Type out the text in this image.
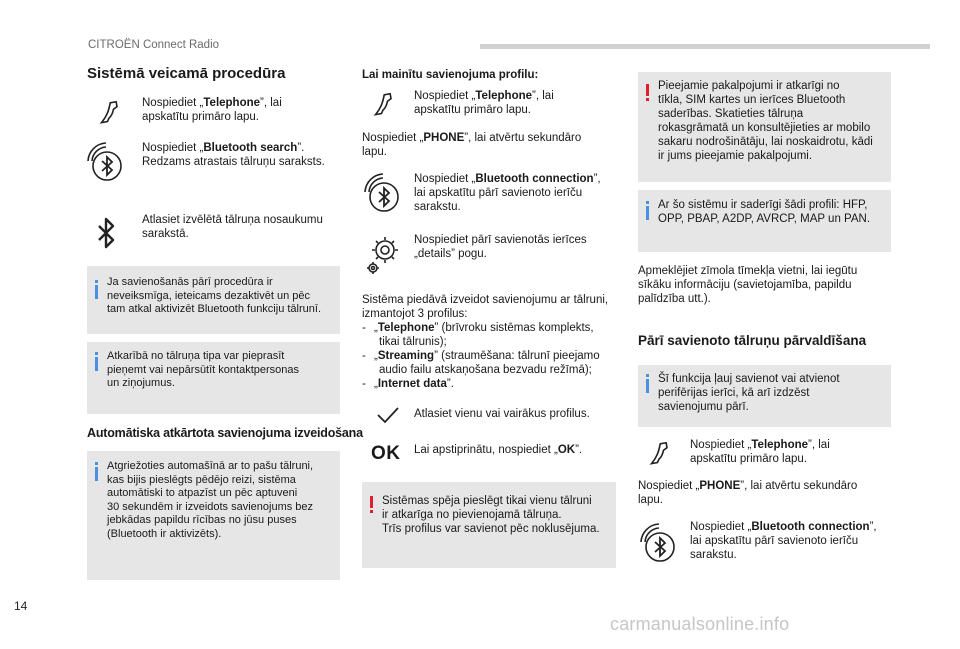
CITROËN Connect Radio
Sistēmā veicamā procedūra
Nospiediet „Telephone”, lai
apskatītu primāro lapu.
Nospiediet „Bluetooth search”.
Redzams atrastais tālruņu saraksts.
Atlasiet izvēlētā tālruņa nosaukumu
sarakstā.
Ja savienošanās pārī procedūra ir
neveiksmīga, ieteicams dezaktivēt un pēc
tam atkal aktivizēt Bluetooth funkciju tālrunī.
Atkarībā no tālruņa tipa var pieprasīt
pieņemt vai nepārsūtīt kontaktpersonas
un ziņojumus.
Automātiska atkārtota savienojuma izveidošana
Atgriežoties automašīnā ar to pašu tālruni,
kas bijis pieslēgts pēdējo reizi, sistēma
automātiski to atpazīst un pēc aptuveni
30 sekundēm ir izveidots savienojums bez
jebkādas papildu rīcības no jūsu puses
(Bluetooth ir aktivizēts).
Lai mainītu savienojuma profilu:
Nospiediet „Telephone”, lai
apskatītu primāro lapu.
Nospiediet „PHONE”, lai atvērtu sekundāro
lapu.
Nospiediet „Bluetooth connection”,
lai apskatītu pārī savienoto ierīču
sarakstu.
Nospiediet pārī savienotās ierīces
„details” pogu.
Sistēma piedāvā izveidot savienojumu ar tālruni,
izmantojot 3 profilus:
- „Telephone” (brīvroku sistēmas komplekts,
tikai tālrunis);
- „Streaming” (straumēšana: tālrunī pieejamo
audio failu atskaņošana bezvadu režīmā);
- „Internet data”.
Atlasiet vienu vai vairākus profilus.
OK Lai apstiprinātu, nospiediet „OK”.
Sistēmas spēja pieslēgt tikai vienu tālruni
ir atkarīga no pievienojamā tālruņa.
Trīs profilus var savienot pēc noklusējuma.
Pieejamie pakalpojumi ir atkarīgi no
tīkla, SIM kartes un ierīces Bluetooth
saderības. Skatieties tālruņa
rokasgrāmatā un konsultējieties ar mobilo
sakaru nodrošinātāju, lai noskaidrotu, kādi
ir jums pieejamie pakalpojumi.
Ar šo sistēmu ir saderīgi šādi profili: HFP,
OPP, PBAP, A2DP, AVRCP, MAP un PAN.
Apmeklējiet zīmola tīmekļa vietni, lai iegūtu
sīkāku informāciju (savietojamība, papildu
palīdzība utt.).
Pārī savienoto tālruņu pārvaldīšana
Šī funkcija ļauj savienot vai atvienot
perifērijas ierīci, kā arī izdzēst
savienojumu pārī.
Nospiediet „Telephone”, lai
apskatītu primāro lapu.
Nospiediet „PHONE”, lai atvērtu sekundāro
lapu.
Nospiediet „Bluetooth connection”,
lai apskatītu pārī savienoto ierīču
sarakstu.
14
carmanualsonline.info
